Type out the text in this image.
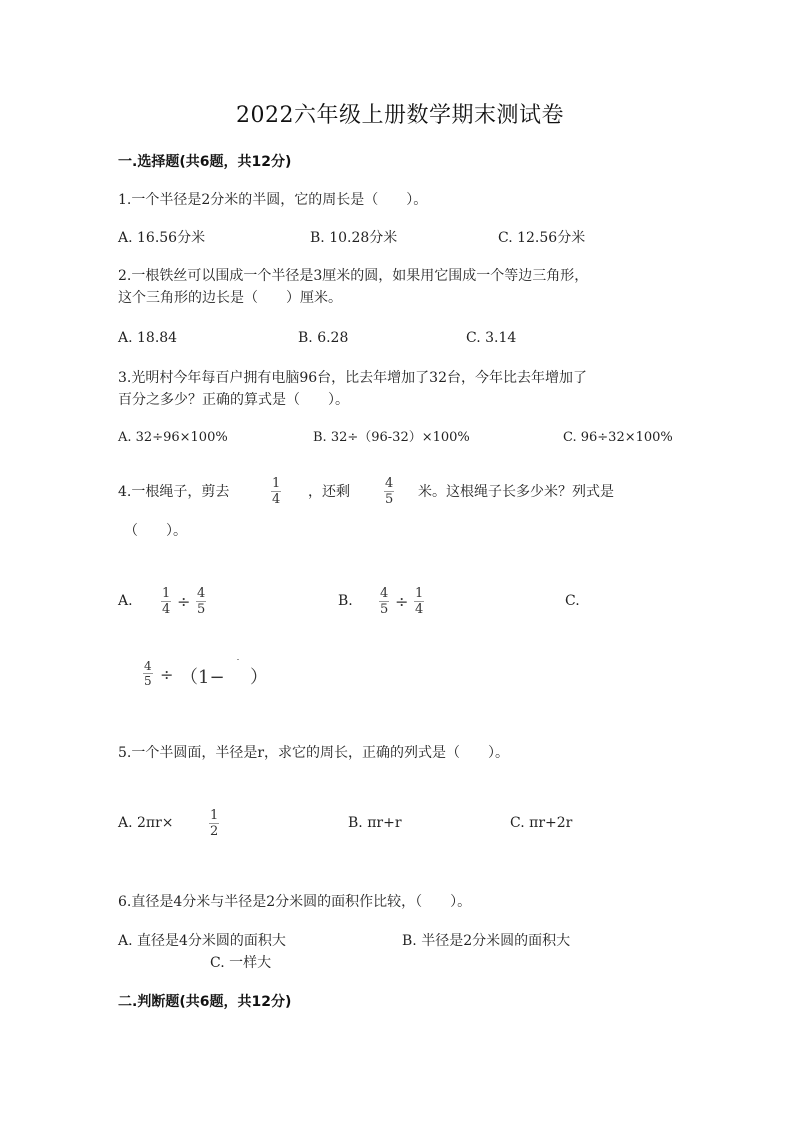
2022六年级上册数学期末测试卷
一.选择题(共6题，共12分)
1.一个半径是2分米的半圆，它的周长是（　　）。
A. 16.56分米	B. 10.28分米	C. 12.56分米
2.一根铁丝可以围成一个半径是3厘米的圆，如果用它围成一个等边三角形，
这个三角形的边长是（　　）厘米。
A. 18.84	B. 6.28	C. 3.14
3.光明村今年每百户拥有电脑96台，比去年增加了32台，今年比去年增加了
百分之多少？正确的算式是（　　）。
A. 32÷96×100%	B. 32÷（96-32）×100%	C. 96÷32×100%
4.一根绳子，剪去	$\frac{1}{4}$ ，还剩	$\frac{4}{5}$ 米。这根绳子长多少米？列式是
（　　）。
A. $\frac{1}{4} \div \frac{4}{5}$	B. $\frac{4}{5} \div \frac{1}{4}$	C.
$\frac{4}{5} \div (1-$ ）
5.一个半圆面，半径是r，求它的周长，正确的列式是（　　）。
A. 2πr×	$\frac{1}{2}$	B. πr+r	C. πr+2r
6.直径是4分米与半径是2分米圆的面积作比较，（　　）。
A. 直径是4分米圆的面积大	B. 半径是2分米圆的面积大
C. 一样大
二.判断题(共6题，共12分)
